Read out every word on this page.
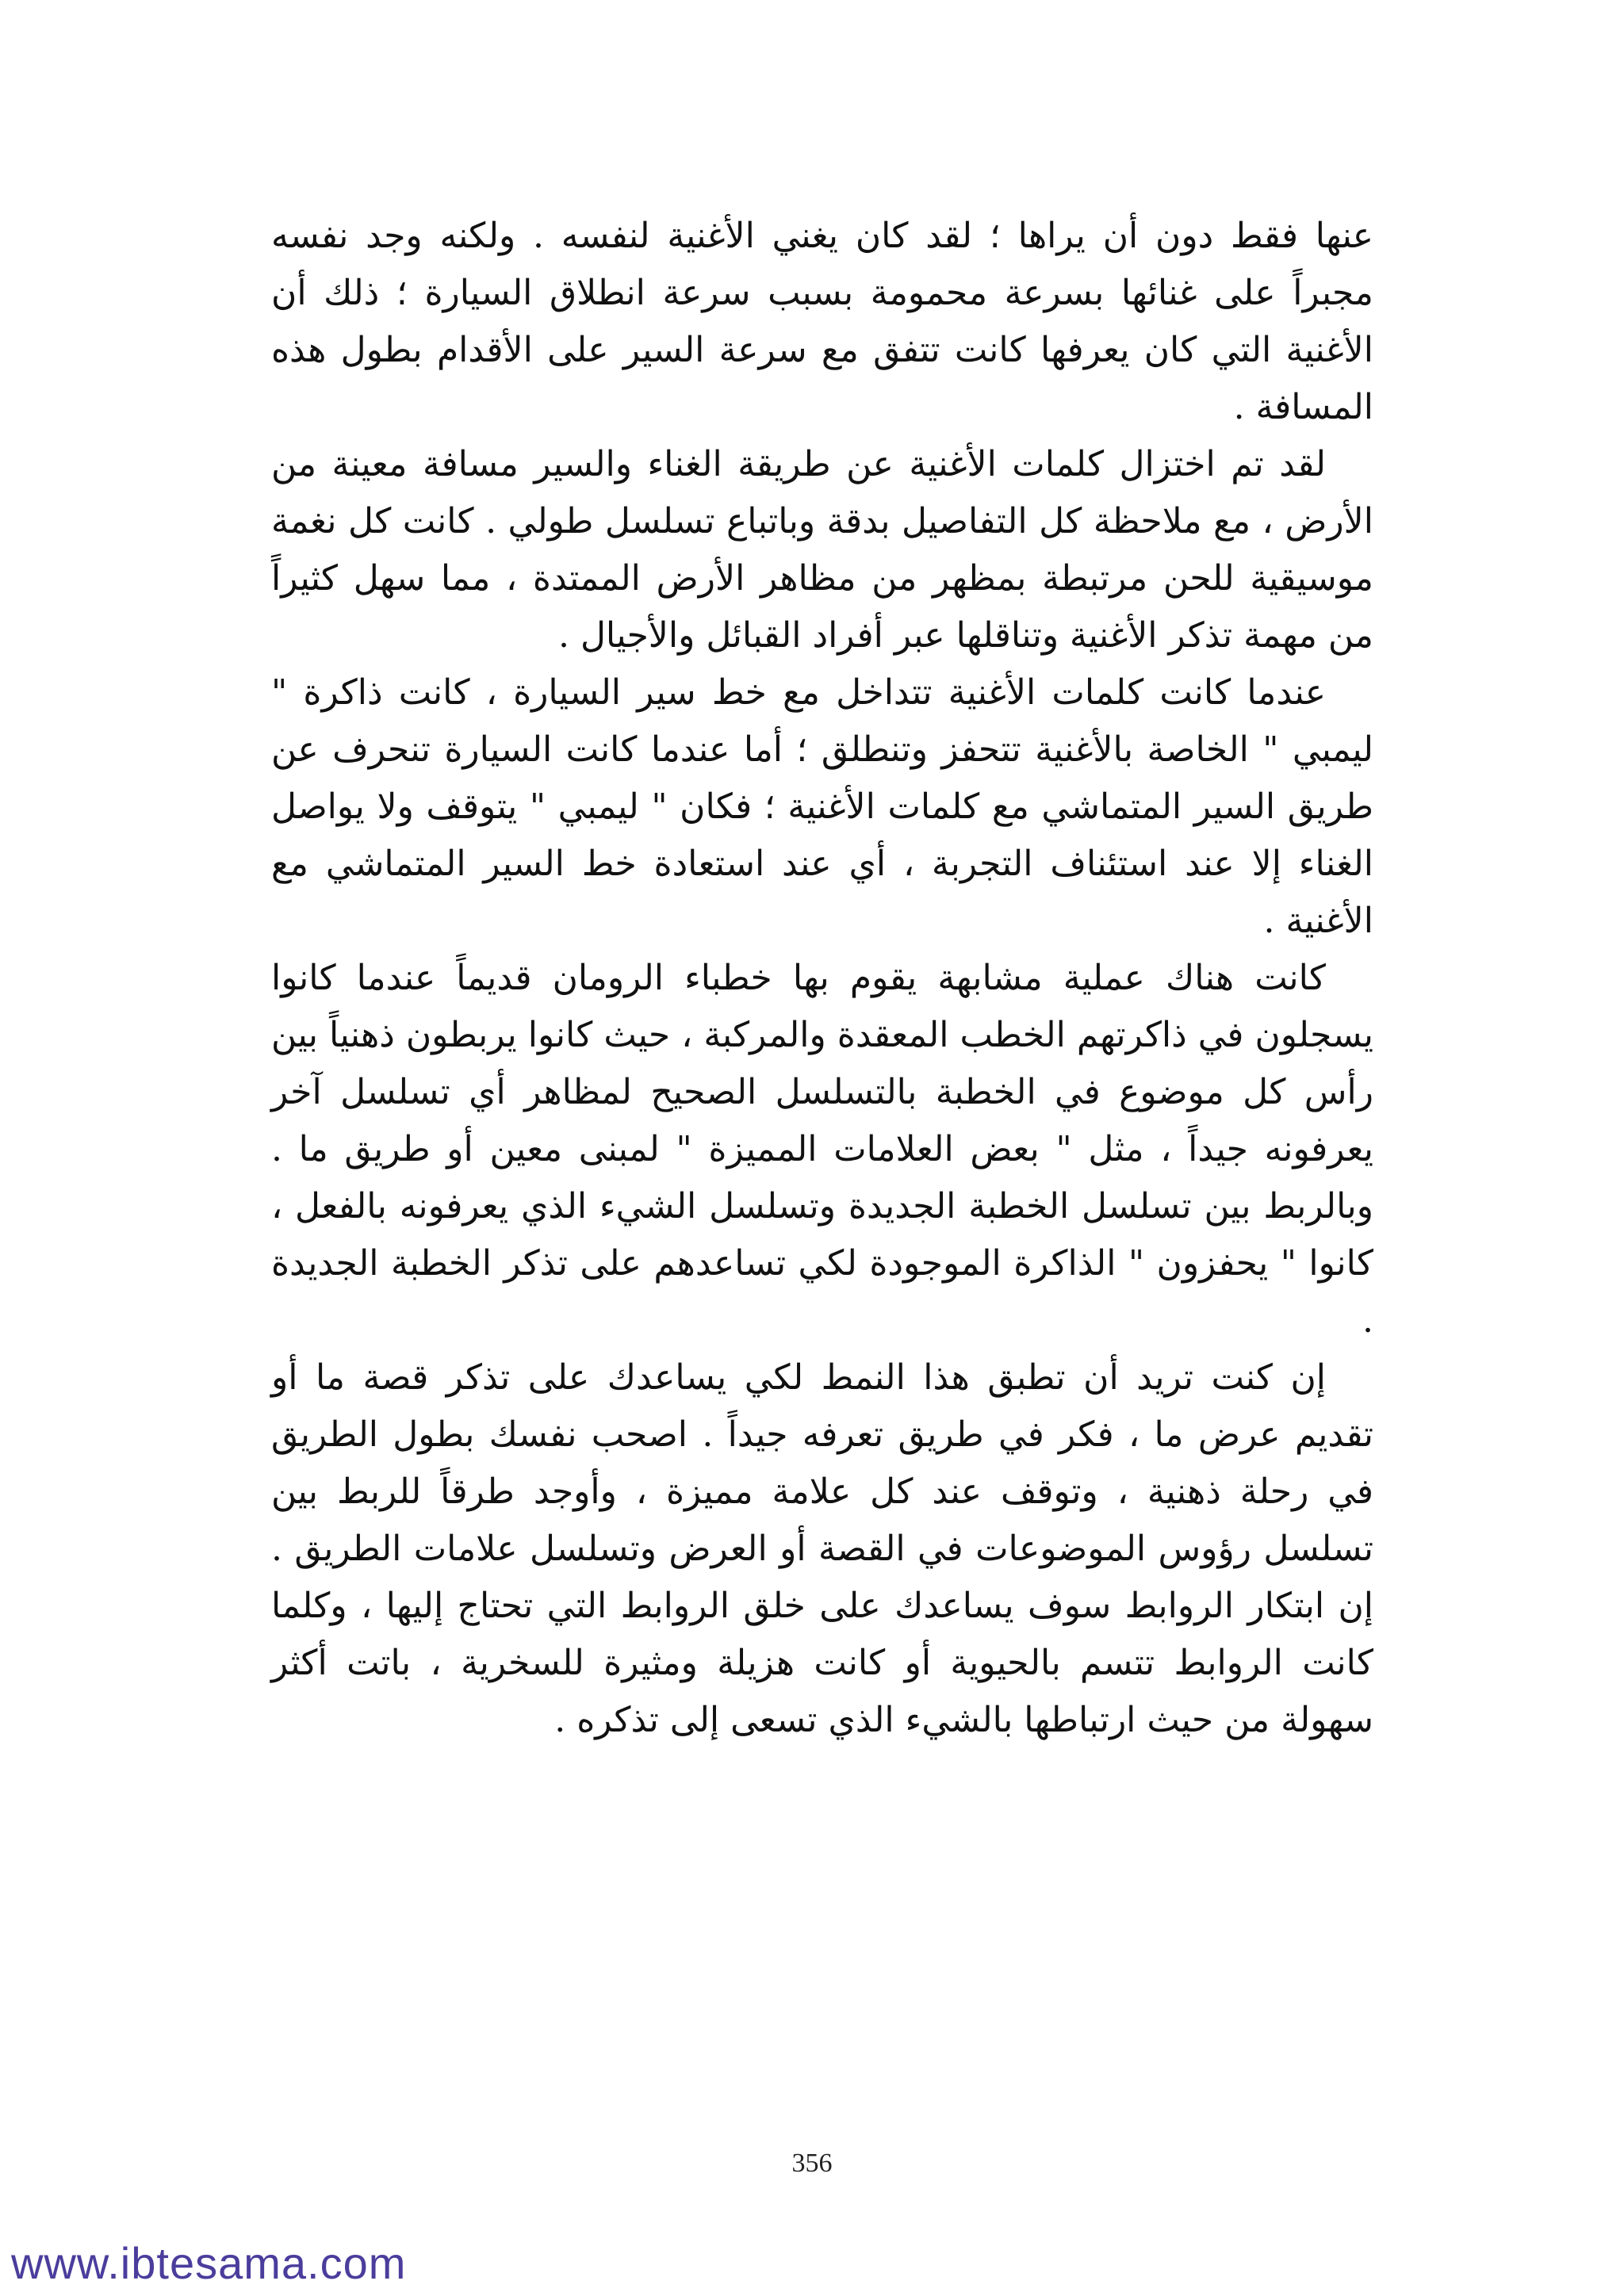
عنها فقط دون أن يراها ؛ لقد كان يغني الأغنية لنفسه . ولكنه وجد نفسه مجبراً على غنائها بسرعة محمومة بسبب سرعة انطلاق السيارة ؛ ذلك أن الأغنية التي كان يعرفها كانت تتفق مع سرعة السير على الأقدام بطول هذه المسافة .

لقد تم اختزال كلمات الأغنية عن طريقة الغناء والسير مسافة معينة من الأرض ، مع ملاحظة كل التفاصيل بدقة وباتباع تسلسل طولي . كانت كل نغمة موسيقية للحن مرتبطة بمظهر من مظاهر الأرض الممتدة ، مما سهل كثيراً من مهمة تذكر الأغنية وتناقلها عبر أفراد القبائل والأجيال .

عندما كانت كلمات الأغنية تتداخل مع خط سير السيارة ، كانت ذاكرة " ليمبي " الخاصة بالأغنية تتحفز وتنطلق ؛ أما عندما كانت السيارة تنحرف عن طريق السير المتماشي مع كلمات الأغنية ؛ فكان " ليمبي " يتوقف ولا يواصل الغناء إلا عند استئناف التجربة ، أي عند استعادة خط السير المتماشي مع الأغنية .

كانت هناك عملية مشابهة يقوم بها خطباء الرومان قديماً عندما كانوا يسجلون في ذاكرتهم الخطب المعقدة والمركبة ، حيث كانوا يربطون ذهنياً بين رأس كل موضوع في الخطبة بالتسلسل الصحيح لمظاهر أي تسلسل آخر يعرفونه جيداً ، مثل " بعض العلامات المميزة " لمبنى معين أو طريق ما . وبالربط بين تسلسل الخطبة الجديدة وتسلسل الشيء الذي يعرفونه بالفعل ، كانوا " يحفزون " الذاكرة الموجودة لكي تساعدهم على تذكر الخطبة الجديدة .

إن كنت تريد أن تطبق هذا النمط لكي يساعدك على تذكر قصة ما أو تقديم عرض ما ، فكر في طريق تعرفه جيداً . اصحب نفسك بطول الطريق في رحلة ذهنية ، وتوقف عند كل علامة مميزة ، وأوجد طرقاً للربط بين تسلسل رؤوس الموضوعات في القصة أو العرض وتسلسل علامات الطريق . إن ابتكار الروابط سوف يساعدك على خلق الروابط التي تحتاج إليها ، وكلما كانت الروابط تتسم بالحيوية أو كانت هزيلة ومثيرة للسخرية ، باتت أكثر سهولة من حيث ارتباطها بالشيء الذي تسعى إلى تذكره .

356
www.ibtesama.com
